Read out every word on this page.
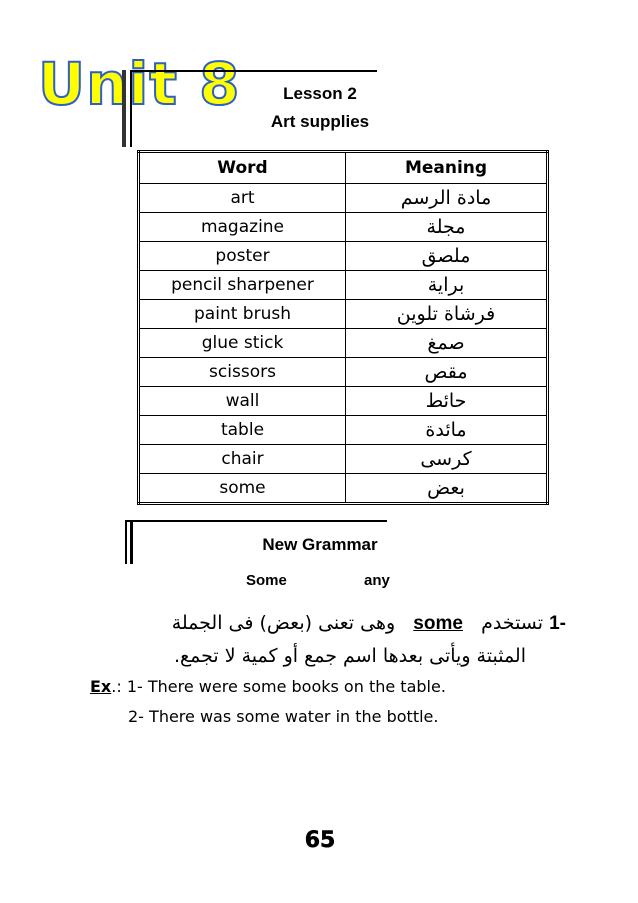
Unit 8	Lesson 2
Art supplies
Word	Meaning
art	مادة الرسم
magazine	مجلة
poster	ملصق
pencil sharpener	براية
paint brush	فرشاة تلوين
glue stick	صمغ
scissors	مقص
wall	حائط
table	مائدة
chair	كرسى
some	بعض
New Grammar
Some	any
-1 تستخدم   some   وهى تعنى (بعض) فى الجملة
المثبتة ويأتى بعدها اسم جمع أو كمية لا تجمع.
Ex.: 1- There were some books on the table.
2- There was some water in the bottle.
65
